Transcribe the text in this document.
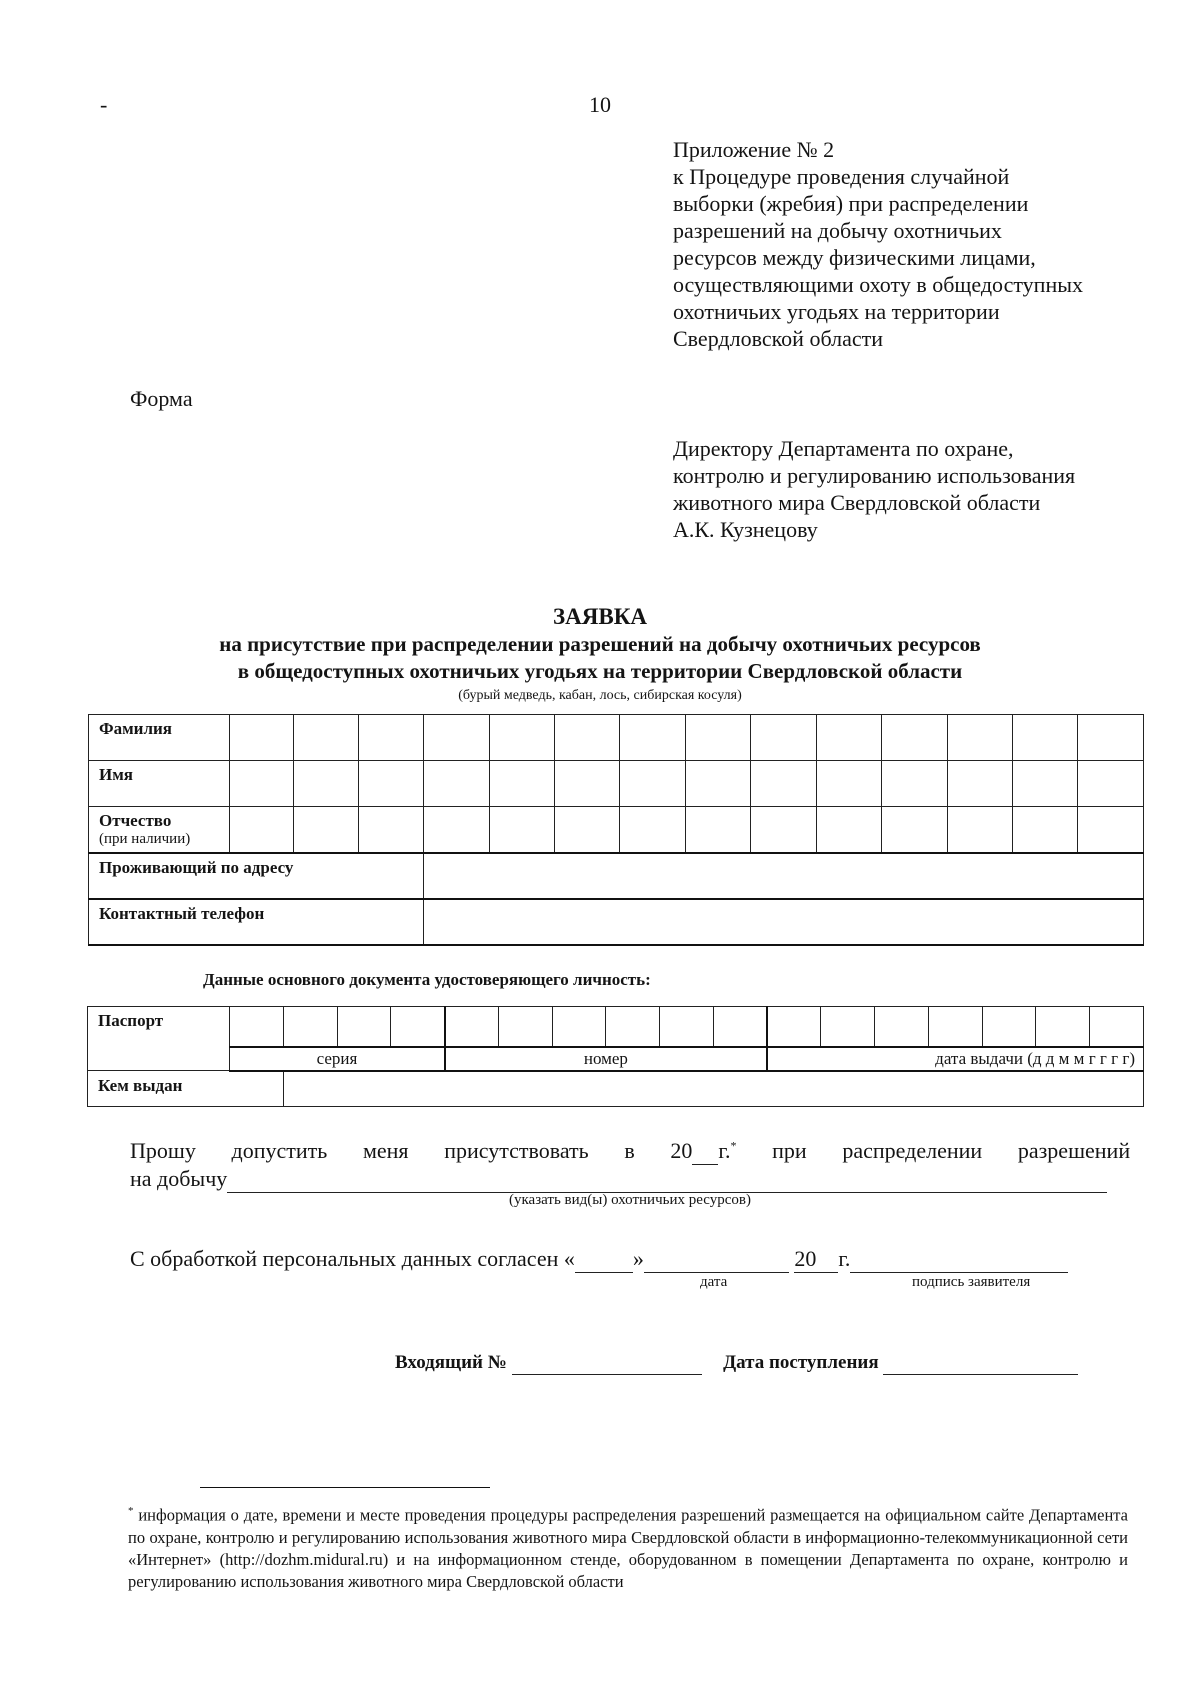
-	10
Приложение № 2
к Процедуре проведения случайной
выборки (жребия) при распределении
разрешений на добычу охотничьих
ресурсов между физическими лицами,
осуществляющими охоту в общедоступных
охотничьих угодьях на территории
Свердловской области
Форма
Директору Департамента по охране,
контролю и регулированию использования
животного мира Свердловской области
А.К. Кузнецову
ЗАЯВКА
на присутствие при распределении разрешений на добычу охотничьих ресурсов
в общедоступных охотничьих угодьях на территории Свердловской области
(бурый медведь, кабан, лось, сибирская косуля)
Фамилия														
Имя														
Отчество
(при наличии)														

Проживающий по адресу														
Контактный телефон														
Данные основного документа удостоверяющего личность:
Паспорт																	
	серия				номер						дата выдачи (д д м м г г г г)						
Кем выдан																	
Прошу допустить меня присутствовать в 20 г.* при распределении разрешений
на добычу
(указать вид(ы) охотничьих ресурсов)
С обработкой персональных данных согласен «	»	20 г.
дата	подпись заявителя
Входящий №	Дата поступления
* информация о дате, времени и месте проведения процедуры распределения разрешений размещается на официальном сайте Департамента по охране, контролю и регулированию использования животного мира Свердловской области в информационно-телекоммуникационной сети «Интернет» (http://dozhm.midural.ru) и на информационном стенде, оборудованном в помещении Департамента по охране, контролю и регулированию использования животного мира Свердловской области
